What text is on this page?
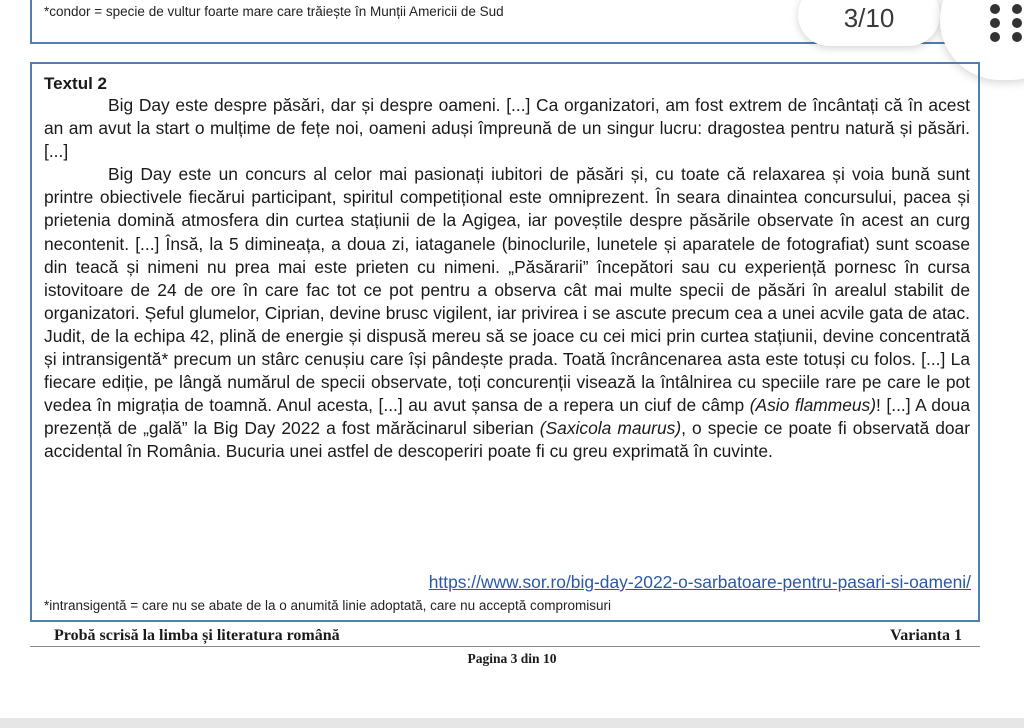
*condor = specie de vultur foarte mare care trăiește în Munții Americii de Sud	3/10
Textul 2

Big Day este despre păsări, dar și despre oameni. [...] Ca organizatori, am fost extrem de încântați că în acest an am avut la start o mulțime de fețe noi, oameni aduși împreună de un singur lucru: dragostea pentru natură și păsări. [...]

Big Day este un concurs al celor mai pasionați iubitori de păsări și, cu toate că relaxarea și voia bună sunt printre obiectivele fiecărui participant, spiritul competițional este omniprezent. În seara dinaintea concursului, pacea și prietenia domină atmosfera din curtea stațiunii de la Agigea, iar poveștile despre păsările observate în acest an curg necontenit. [...] Însă, la 5 dimineața, a doua zi, iataganele (binoclurile, lunetele și aparatele de fotografiat) sunt scoase din teacă și nimeni nu prea mai este prieten cu nimeni. „Păsărarii” începători sau cu experiență pornesc în cursa istovitoare de 24 de ore în care fac tot ce pot pentru a observa cât mai multe specii de păsări în arealul stabilit de organizatori. Șeful glumelor, Ciprian, devine brusc vigilent, iar privirea i se ascute precum cea a unei acvile gata de atac. Judit, de la echipa 42, plină de energie și dispusă mereu să se joace cu cei mici prin curtea stațiunii, devine concentrată și intransigentă* precum un stârc cenușiu care își pândește prada. Toată încrâncenarea asta este totuși cu folos. [...] La fiecare ediție, pe lângă numărul de specii observate, toți concurenții visează la întâlnirea cu speciile rare pe care le pot vedea în migrația de toamnă. Anul acesta, [...] au avut șansa de a repera un ciuf de câmp (Asio flammeus)! [...] A doua prezență de „gală” la Big Day 2022 a fost mărăcinarul siberian (Saxicola maurus), o specie ce poate fi observată doar accidental în România. Bucuria unei astfel de descoperiri poate fi cu greu exprimată în cuvinte.

https://www.sor.ro/big-day-2022-o-sarbatoare-pentru-pasari-si-oameni/
*intransigentă = care nu se abate de la o anumită linie adoptată, care nu acceptă compromisuri
Probă scrisă la limba și literatura română	Varianta 1
Pagina 3 din 10
